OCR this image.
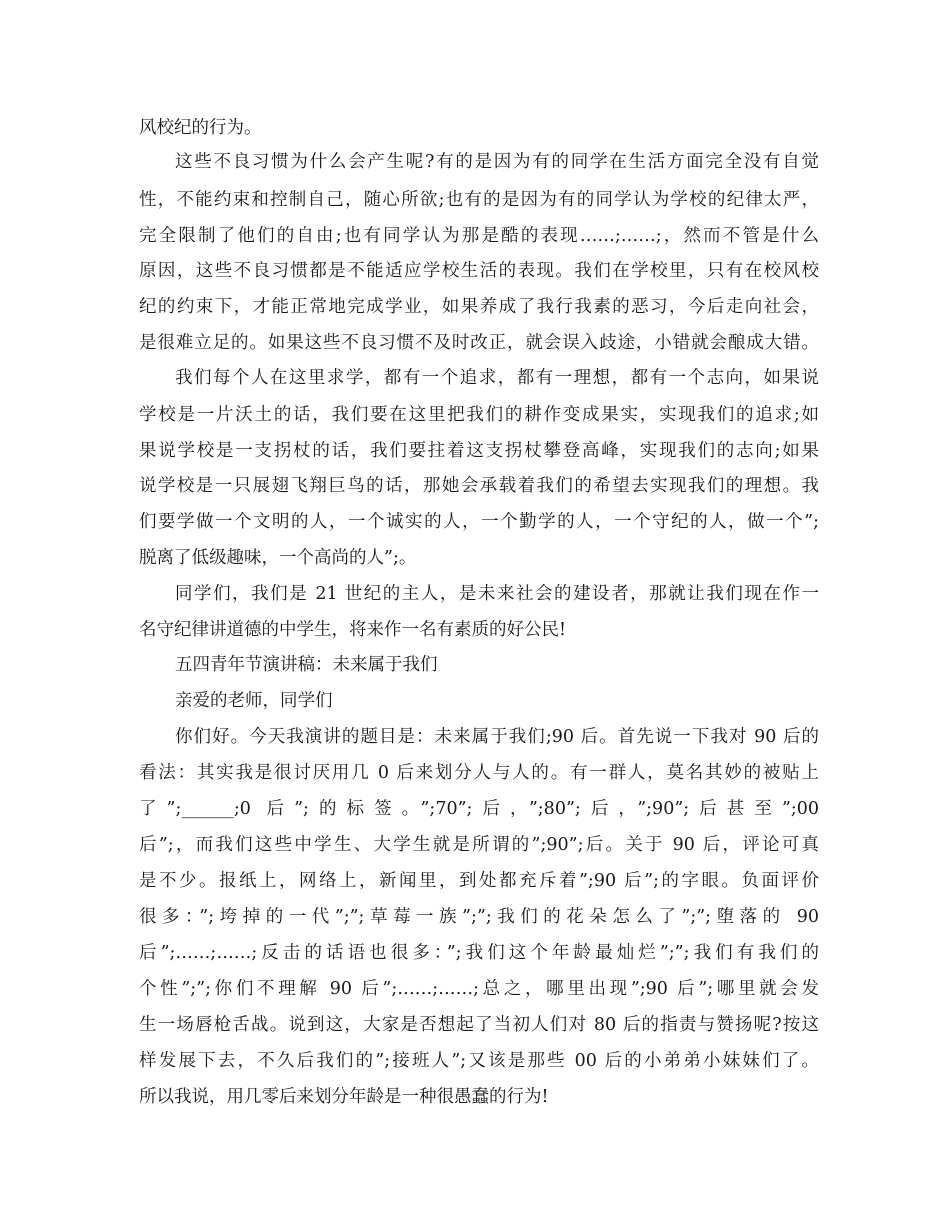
风校纪的行为。
这些不良习惯为什么会产生呢?有的是因为有的同学在生活方面完全没有自觉
性，不能约束和控制自己，随心所欲;也有的是因为有的同学认为学校的纪律太严，
完全限制了他们的自由;也有同学认为那是酷的表现……;……;，然而不管是什么
原因，这些不良习惯都是不能适应学校生活的表现。我们在学校里，只有在校风校
纪的约束下，才能正常地完成学业，如果养成了我行我素的恶习，今后走向社会，
是很难立足的。如果这些不良习惯不及时改正，就会误入歧途，小错就会酿成大错。
我们每个人在这里求学，都有一个追求，都有一理想，都有一个志向，如果说
学校是一片沃土的话，我们要在这里把我们的耕作变成果实，实现我们的追求;如
果说学校是一支拐杖的话，我们要拄着这支拐杖攀登高峰，实现我们的志向;如果
说学校是一只展翅飞翔巨鸟的话，那她会承载着我们的希望去实现我们的理想。我
们要学做一个文明的人，一个诚实的人，一个勤学的人，一个守纪的人，做一个”;
脱离了低级趣味，一个高尚的人”;。
同学们，我们是 21 世纪的主人，是未来社会的建设者，那就让我们现在作一
名守纪律讲道德的中学生，将来作一名有素质的好公民!
五四青年节演讲稿：未来属于我们
亲爱的老师，同学们
你们好。今天我演讲的题目是：未来属于我们;90 后。首先说一下我对 90 后的
看法：其实我是很讨厌用几 0 后来划分人与人的。有一群人，莫名其妙的被贴上
了”;______;0 后”;的标签。”;70”;后，”;80”;后，”;90”;后甚至”;00
后”;，而我们这些中学生、大学生就是所谓的”;90”;后。关于 90 后，评论可真
是不少。报纸上，网络上，新闻里，到处都充斥着”;90 后”;的字眼。负面评价
很多：”;垮掉的一代”;”;草莓一族”;”;我们的花朵怎么了”;”;堕落的 90
后”;……;……;反击的话语也很多：”;我们这个年龄最灿烂”;”;我们有我们的
个性”;”;你们不理解 90 后”;……;……;总之，哪里出现”;90 后”;哪里就会发
生一场唇枪舌战。说到这，大家是否想起了当初人们对 80 后的指责与赞扬呢?按这
样发展下去，不久后我们的”;接班人”;又该是那些 00 后的小弟弟小妹妹们了。
所以我说，用几零后来划分年龄是一种很愚蠢的行为!
